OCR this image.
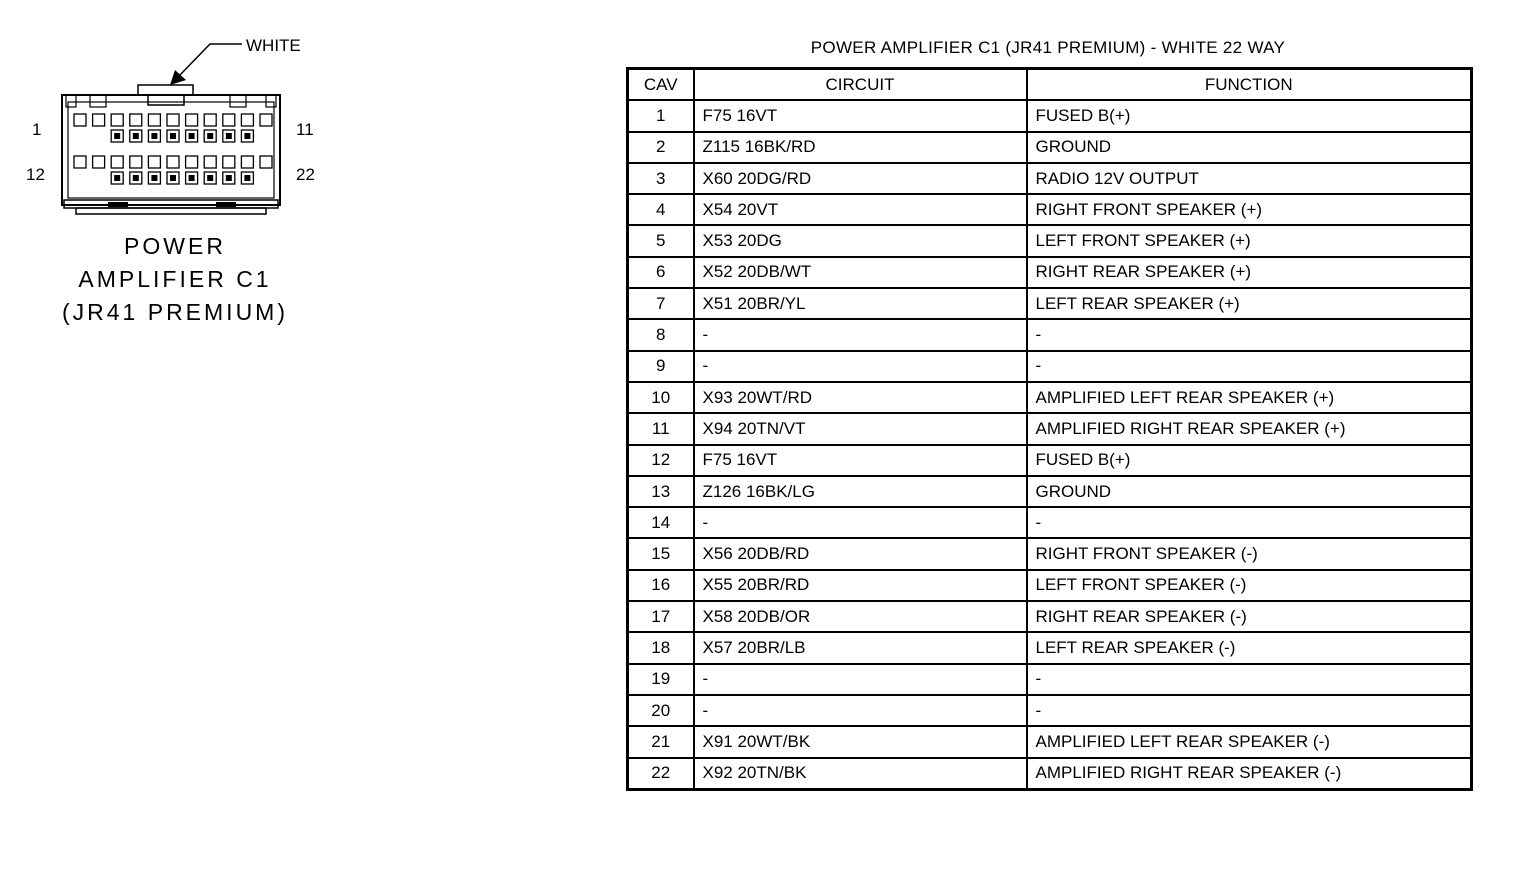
WHITE
1	11
12	22
POWER
AMPLIFIER C1
(JR41 PREMIUM)
POWER AMPLIFIER C1 (JR41 PREMIUM) - WHITE 22 WAY
CAV	CIRCUIT	FUNCTION
1	F75 16VT	FUSED B(+)
2	Z115 16BK/RD	GROUND
3	X60 20DG/RD	RADIO 12V OUTPUT
4	X54 20VT	RIGHT FRONT SPEAKER (+)
5	X53 20DG	LEFT FRONT SPEAKER (+)
6	X52 20DB/WT	RIGHT REAR SPEAKER (+)
7	X51 20BR/YL	LEFT REAR SPEAKER (+)
8	-	-
9	-	-
10	X93 20WT/RD	AMPLIFIED LEFT REAR SPEAKER (+)
11	X94 20TN/VT	AMPLIFIED RIGHT REAR SPEAKER (+)
12	F75 16VT	FUSED B(+)
13	Z126 16BK/LG	GROUND
14	-	-
15	X56 20DB/RD	RIGHT FRONT SPEAKER (-)
16	X55 20BR/RD	LEFT FRONT SPEAKER (-)
17	X58 20DB/OR	RIGHT REAR SPEAKER (-)
18	X57 20BR/LB	LEFT REAR SPEAKER (-)
19	-	-
20	-	-
21	X91 20WT/BK	AMPLIFIED LEFT REAR SPEAKER (-)
22	X92 20TN/BK	AMPLIFIED RIGHT REAR SPEAKER (-)
